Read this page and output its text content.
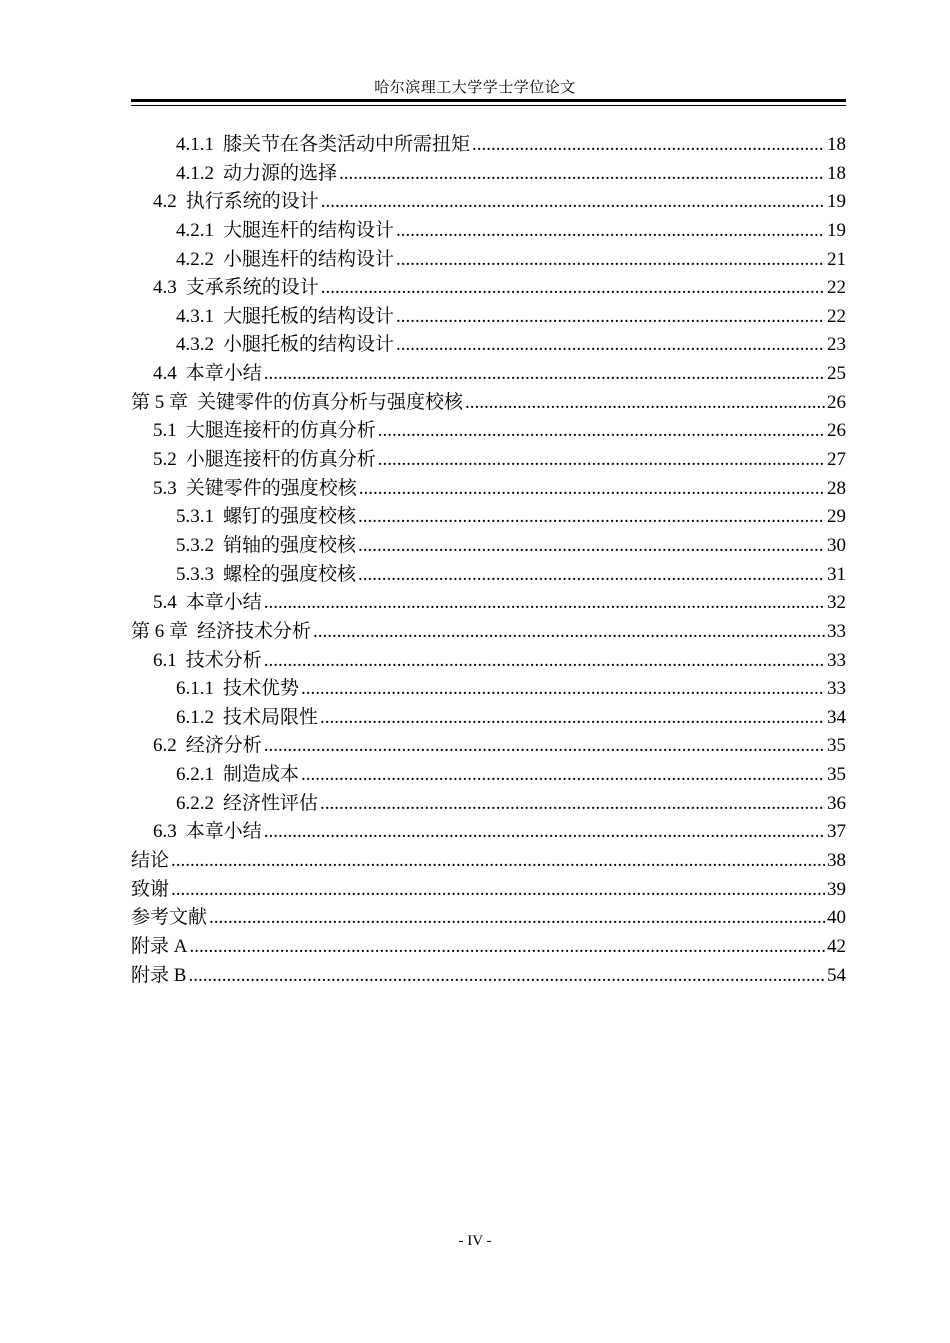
哈尔滨理工大学学士学位论文
4.1.1 膝关节在各类活动中所需扭矩 .....	18
4.1.2 动力源的选择 .....	18
4.2 执行系统的设计 .....	19
4.2.1 大腿连杆的结构设计 .....	19
4.2.2 小腿连杆的结构设计 .....	21
4.3 支承系统的设计 .....	22
4.3.1 大腿托板的结构设计 .....	22
4.3.2 小腿托板的结构设计 .....	23
4.4 本章小结 .....	25
第 5 章 关键零件的仿真分析与强度校核 .....	26
5.1 大腿连接杆的仿真分析 .....	26
5.2 小腿连接杆的仿真分析 .....	27
5.3 关键零件的强度校核 .....	28
5.3.1 螺钉的强度校核 .....	29
5.3.2 销轴的强度校核 .....	30
5.3.3 螺栓的强度校核 .....	31
5.4 本章小结 .....	32
第 6 章 经济技术分析 .....	33
6.1 技术分析 .....	33
6.1.1 技术优势 .....	33
6.1.2 技术局限性 .....	34
6.2 经济分析 .....	35
6.2.1 制造成本 .....	35
6.2.2 经济性评估 .....	36
6.3 本章小结 .....	37
结论 .....	38
致谢 .....	39
参考文献 .....	40
附录 A .....	42
附录 B .....	54
- IV -
